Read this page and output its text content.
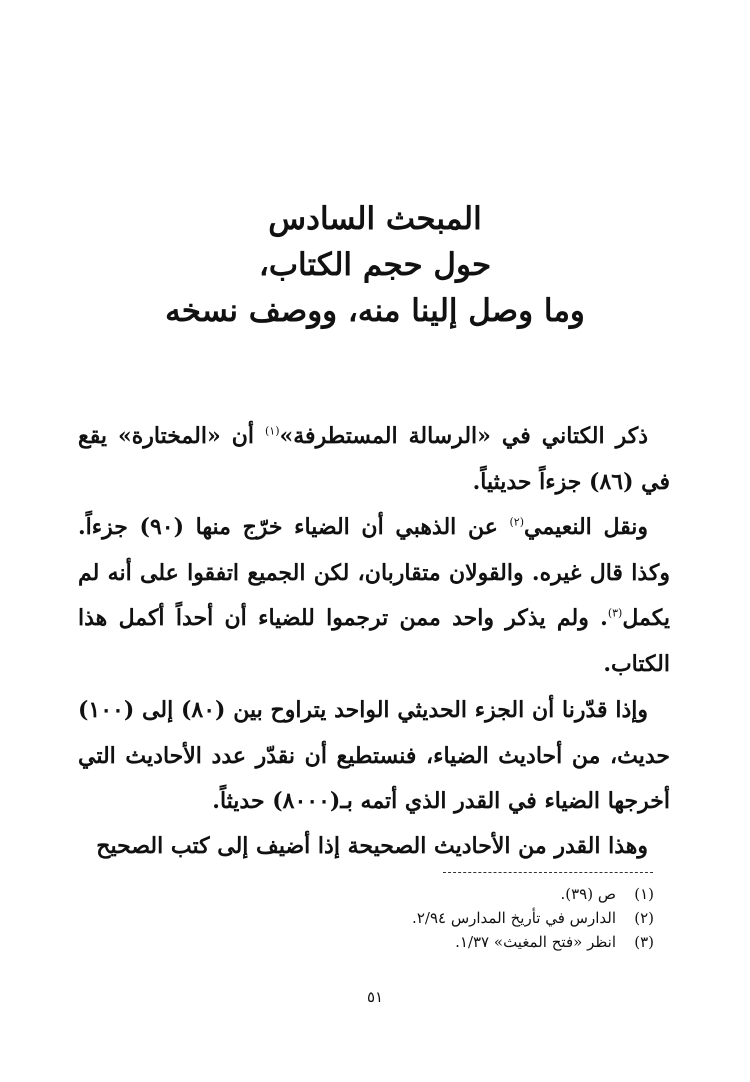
المبحث السادس
حول حجم الكتاب،
وما وصل إلينا منه، ووصف نسخه
ذكر الكتاني في «الرسالة المستطرفة»$^{(١)}$ أن «المختارة» يقع في (٨٦) جزءاً حديثياً.
ونقل النعيمي$^{(٢)}$ عن الذهبي أن الضياء خرّج منها (٩٠) جزءاً. وكذا قال غيره. والقولان متقاربان، لكن الجميع اتفقوا على أنه لم يكمل$^{(٣)}$. ولم يذكر واحد ممن ترجموا للضياء أن أحداً أكمل هذا الكتاب.
وإذا قدّرنا أن الجزء الحديثي الواحد يتراوح بين (٨٠) إلى (١٠٠) حديث، من أحاديث الضياء، فنستطيع أن نقدّر عدد الأحاديث التي أخرجها الضياء في القدر الذي أتمه بـ(٨٠٠٠) حديثاً.
وهذا القدر من الأحاديث الصحيحة إذا أضيف إلى كتب الصحيح
(١)
ص (٣٩).
(٢)
الدارس في تأريخ المدارس ٢/٩٤.
(٣)
انظر «فتح المغيث» ١/٣٧.
٥١
